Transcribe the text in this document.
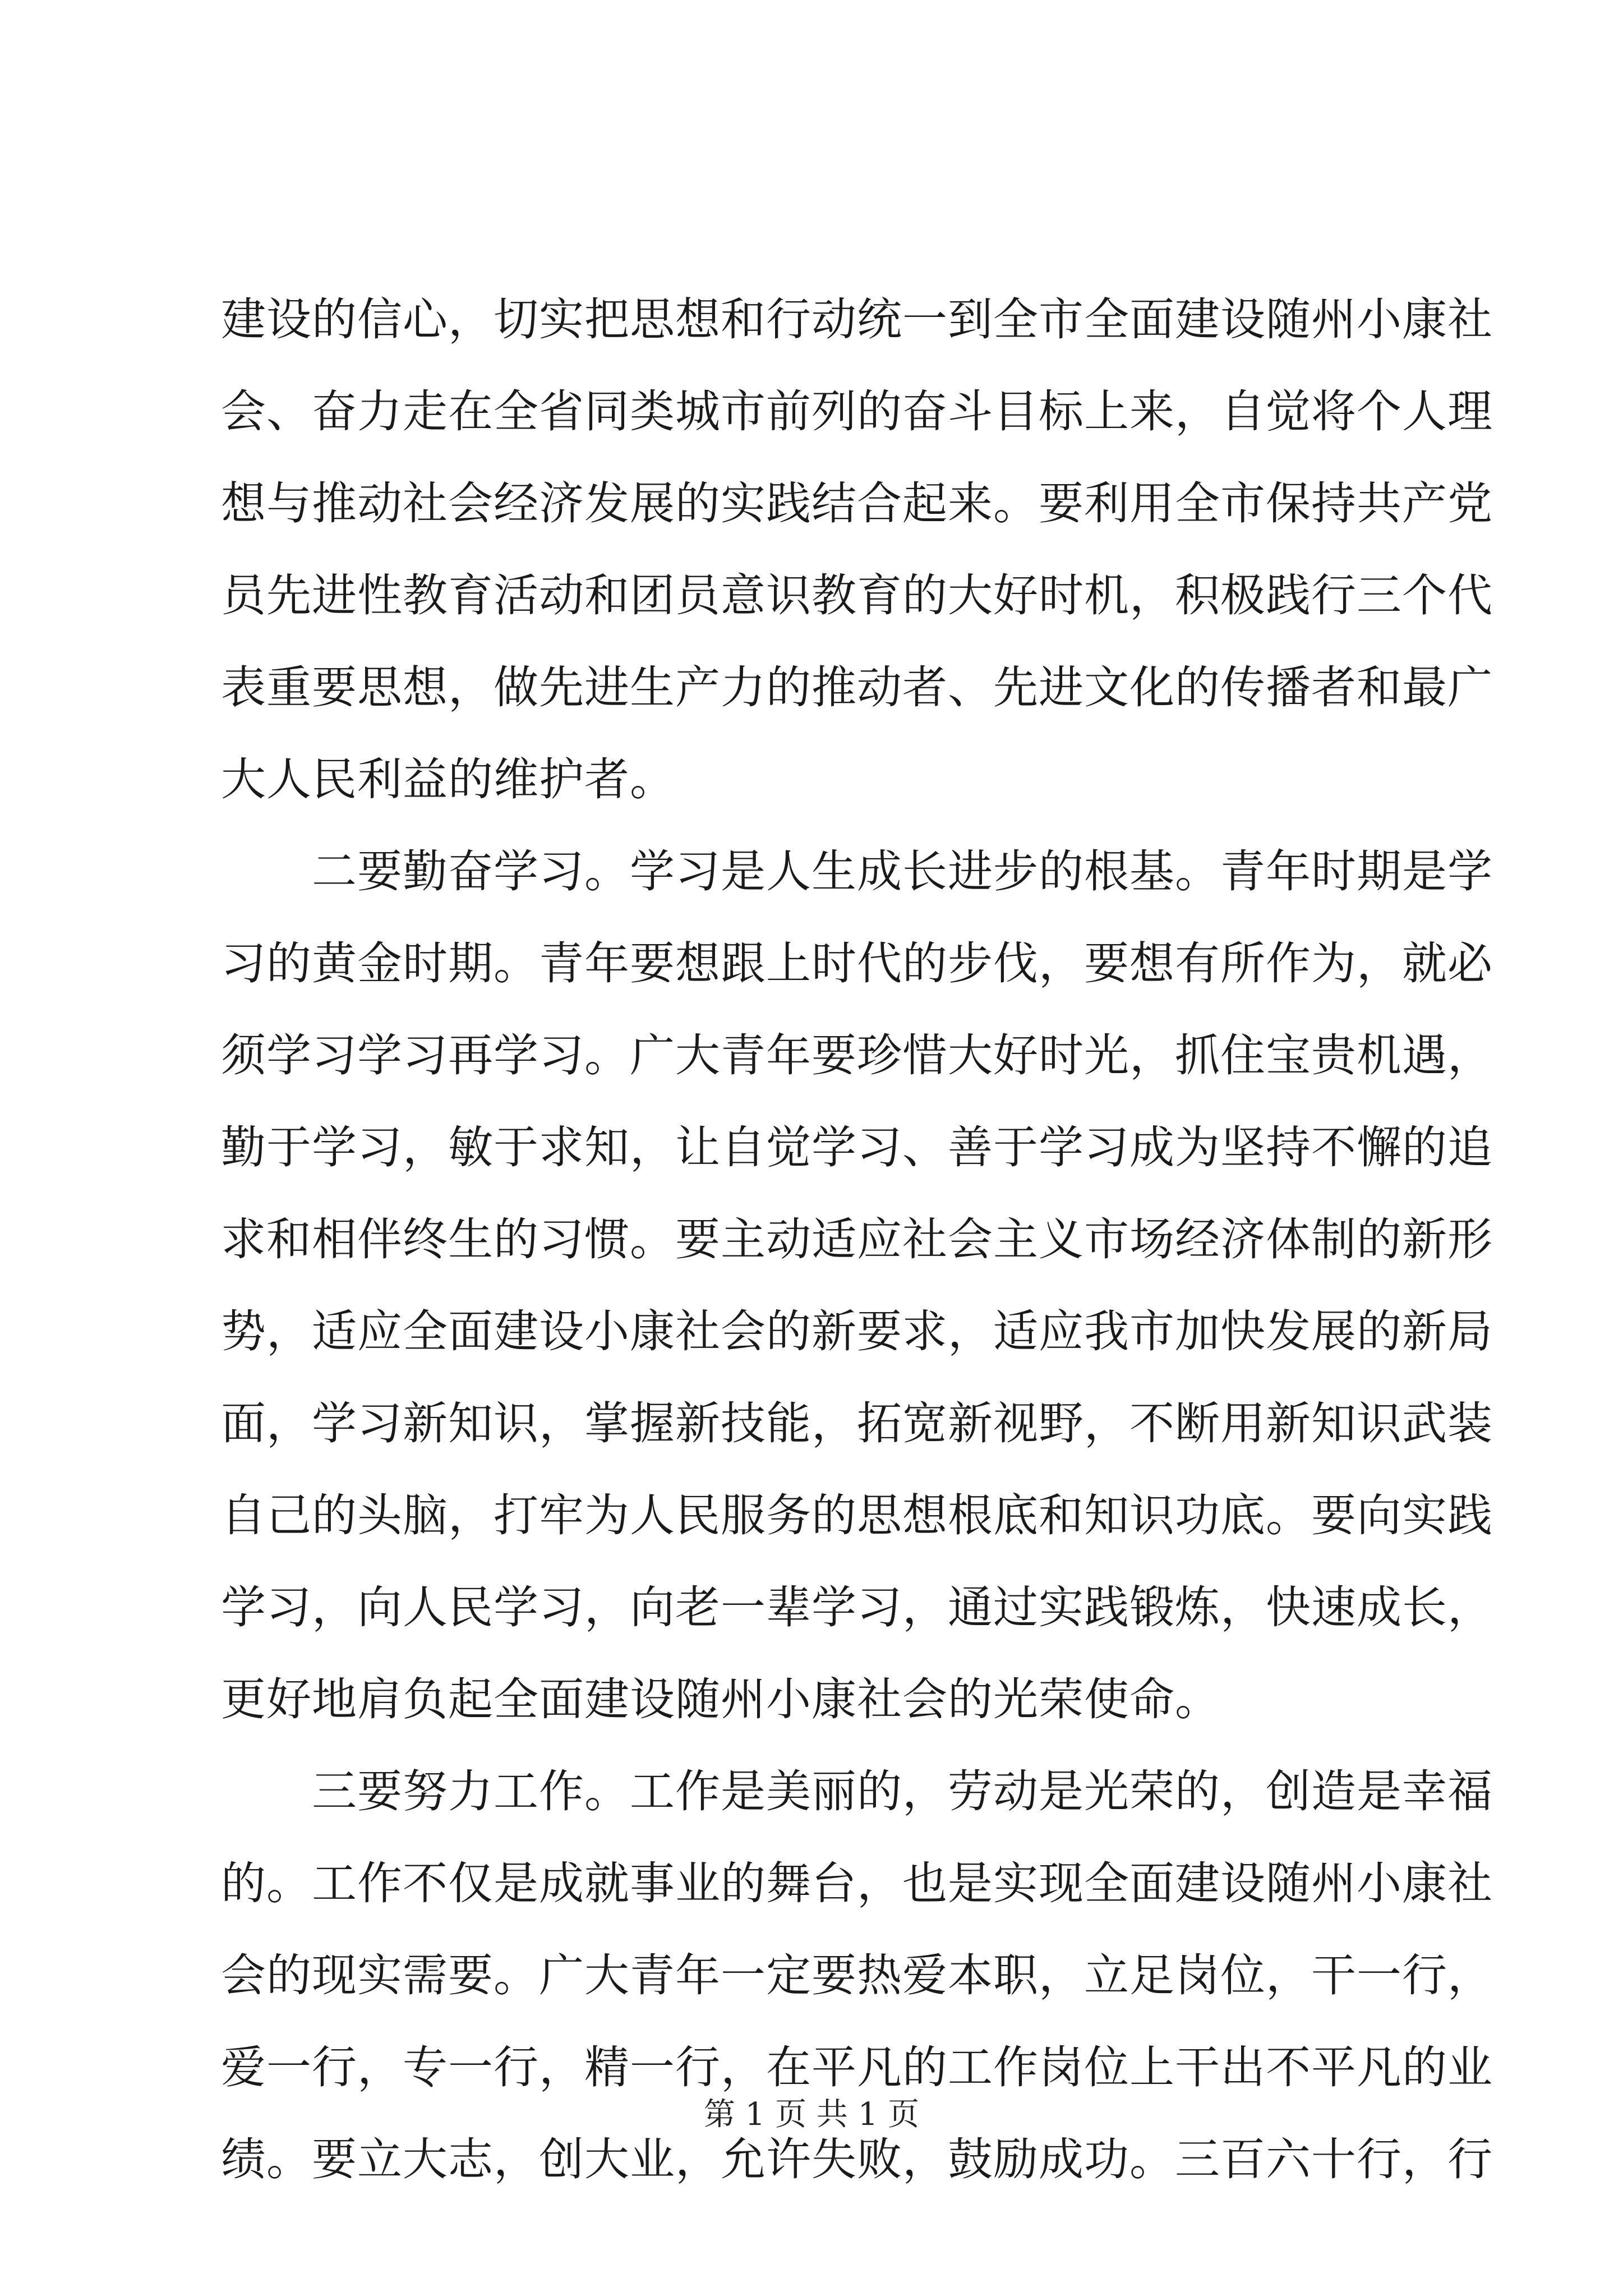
建设的信心，切实把思想和行动统一到全市全面建设随州小康社
会、奋力走在全省同类城市前列的奋斗目标上来，自觉将个人理
想与推动社会经济发展的实践结合起来。要利用全市保持共产党
员先进性教育活动和团员意识教育的大好时机，积极践行三个代
表重要思想，做先进生产力的推动者、先进文化的传播者和最广
大人民利益的维护者。
　　二要勤奋学习。学习是人生成长进步的根基。青年时期是学
习的黄金时期。青年要想跟上时代的步伐，要想有所作为，就必
须学习学习再学习。广大青年要珍惜大好时光，抓住宝贵机遇，
勤于学习，敏于求知，让自觉学习、善于学习成为坚持不懈的追
求和相伴终生的习惯。要主动适应社会主义市场经济体制的新形
势，适应全面建设小康社会的新要求，适应我市加快发展的新局
面，学习新知识，掌握新技能，拓宽新视野，不断用新知识武装
自己的头脑，打牢为人民服务的思想根底和知识功底。要向实践
学习，向人民学习，向老一辈学习，通过实践锻炼，快速成长，
更好地肩负起全面建设随州小康社会的光荣使命。
　　三要努力工作。工作是美丽的，劳动是光荣的，创造是幸福
的。工作不仅是成就事业的舞台，也是实现全面建设随州小康社
会的现实需要。广大青年一定要热爱本职，立足岗位，干一行，
爱一行，专一行，精一行，在平凡的工作岗位上干出不平凡的业
绩。要立大志，创大业，允许失败，鼓励成功。三百六十行，行
第 1 页 共 1 页
